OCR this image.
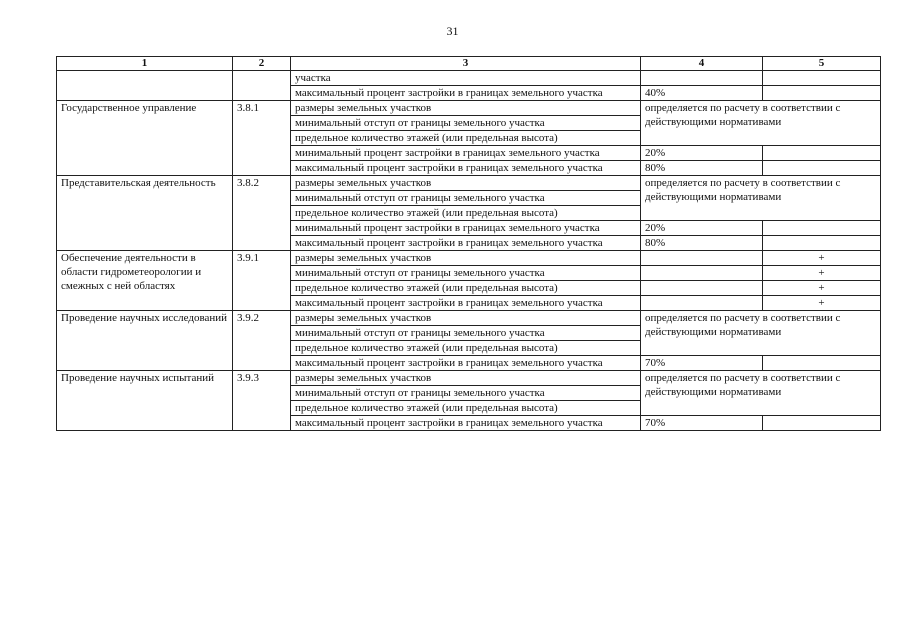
31
1	2	3	4	5
		участка		
		максимальный процент застройки в границах земельного участка	40%	
Государственное управление	3.8.1	размеры земельных участков	определяется по расчету в соответствии с действующими нормативами	
		минимальный отступ от границы земельного участка		
		предельное количество этажей (или предельная высота)		
		минимальный процент застройки в границах земельного участка	20%	
		максимальный процент застройки в границах земельного участка	80%	
Представительская деятельность	3.8.2	размеры земельных участков	определяется по расчету в соответствии с действующими нормативами	
		минимальный отступ от границы земельного участка		
		предельное количество этажей (или предельная высота)		
		минимальный процент застройки в границах земельного участка	20%	
		максимальный процент застройки в границах земельного участка	80%	
Обеспечение деятельности в области гидрометеорологии и смежных с ней областях	3.9.1	размеры земельных участков		+
		минимальный отступ от границы земельного участка		+
		предельное количество этажей (или предельная высота)		+
		максимальный процент застройки в границах земельного участка		+
Проведение научных исследований	3.9.2	размеры земельных участков	определяется по расчету в соответствии с действующими нормативами	
		минимальный отступ от границы земельного участка		
		предельное количество этажей (или предельная высота)		
		максимальный процент застройки в границах земельного участка	70%	
Проведение научных испытаний	3.9.3	размеры земельных участков	определяется по расчету в соответствии с действующими нормативами	
		минимальный отступ от границы земельного участка		
		предельное количество этажей (или предельная высота)		
		максимальный процент застройки в границах земельного участка	70%	
